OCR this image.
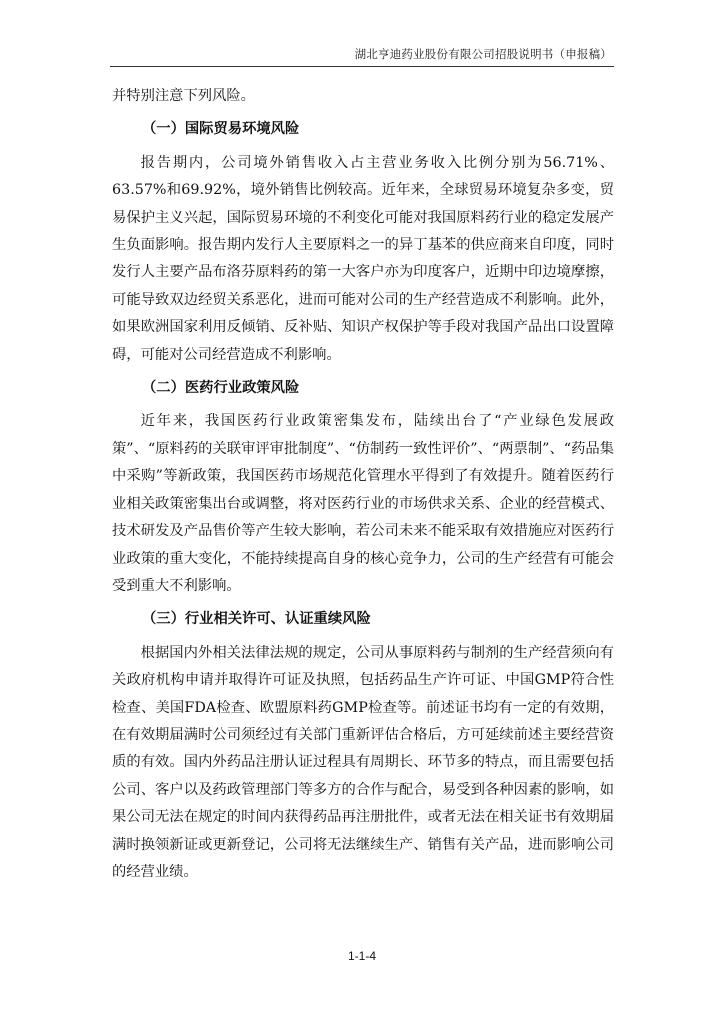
湖北亨迪药业股份有限公司招股说明书（申报稿）

并特别注意下列风险。

（一）国际贸易环境风险

报告期内，公司境外销售收入占主营业务收入比例分别为56.71%、63.57%和69.92%，境外销售比例较高。近年来，全球贸易环境复杂多变，贸易保护主义兴起，国际贸易环境的不利变化可能对我国原料药行业的稳定发展产生负面影响。报告期内发行人主要原料之一的异丁基苯的供应商来自印度，同时发行人主要产品布洛芬原料药的第一大客户亦为印度客户，近期中印边境摩擦，可能导致双边经贸关系恶化，进而可能对公司的生产经营造成不利影响。此外，如果欧洲国家利用反倾销、反补贴、知识产权保护等手段对我国产品出口设置障碍，可能对公司经营造成不利影响。

（二）医药行业政策风险

近年来，我国医药行业政策密集发布，陆续出台了“产业绿色发展政策”、“原料药的关联审评审批制度”、“仿制药一致性评价”、“两票制”、“药品集中采购”等新政策，我国医药市场规范化管理水平得到了有效提升。随着医药行业相关政策密集出台或调整，将对医药行业的市场供求关系、企业的经营模式、技术研发及产品售价等产生较大影响，若公司未来不能采取有效措施应对医药行业政策的重大变化，不能持续提高自身的核心竞争力，公司的生产经营有可能会受到重大不利影响。

（三）行业相关许可、认证重续风险

根据国内外相关法律法规的规定，公司从事原料药与制剂的生产经营须向有关政府机构申请并取得许可证及执照，包括药品生产许可证、中国GMP符合性检查、美国FDA检查、欧盟原料药GMP检查等。前述证书均有一定的有效期，在有效期届满时公司须经过有关部门重新评估合格后，方可延续前述主要经营资质的有效。国内外药品注册认证过程具有周期长、环节多的特点，而且需要包括公司、客户以及药政管理部门等多方的合作与配合，易受到各种因素的影响，如果公司无法在规定的时间内获得药品再注册批件，或者无法在相关证书有效期届满时换领新证或更新登记，公司将无法继续生产、销售有关产品，进而影响公司的经营业绩。

1-1-4
